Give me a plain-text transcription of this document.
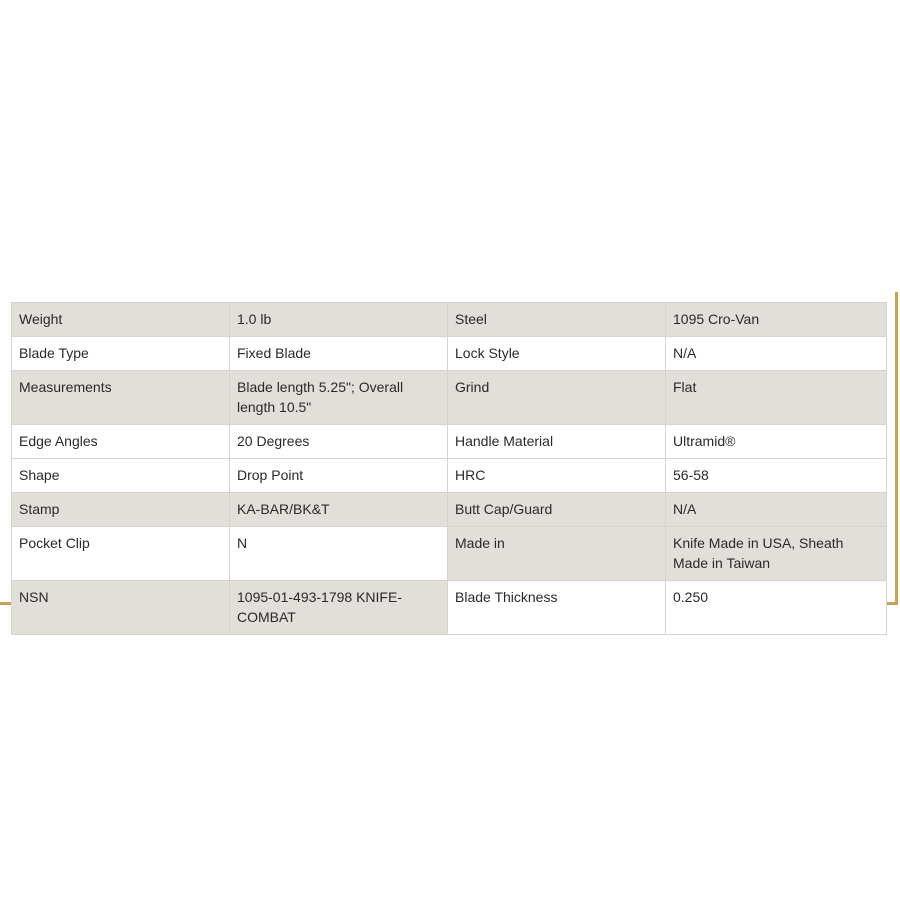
Weight	1.0 lb	Steel	1095 Cro-Van
Blade Type	Fixed Blade	Lock Style	N/A
Measurements	Blade length 5.25"; Overall length 10.5"	Grind	Flat
Edge Angles	20 Degrees	Handle Material	Ultramid®
Shape	Drop Point	HRC	56-58
Stamp	KA-BAR/BK&T	Butt Cap/Guard	N/A
Pocket Clip	N	Made in	Knife Made in USA, Sheath Made in Taiwan
NSN	1095-01-493-1798 KNIFE-COMBAT	Blade Thickness	0.250
